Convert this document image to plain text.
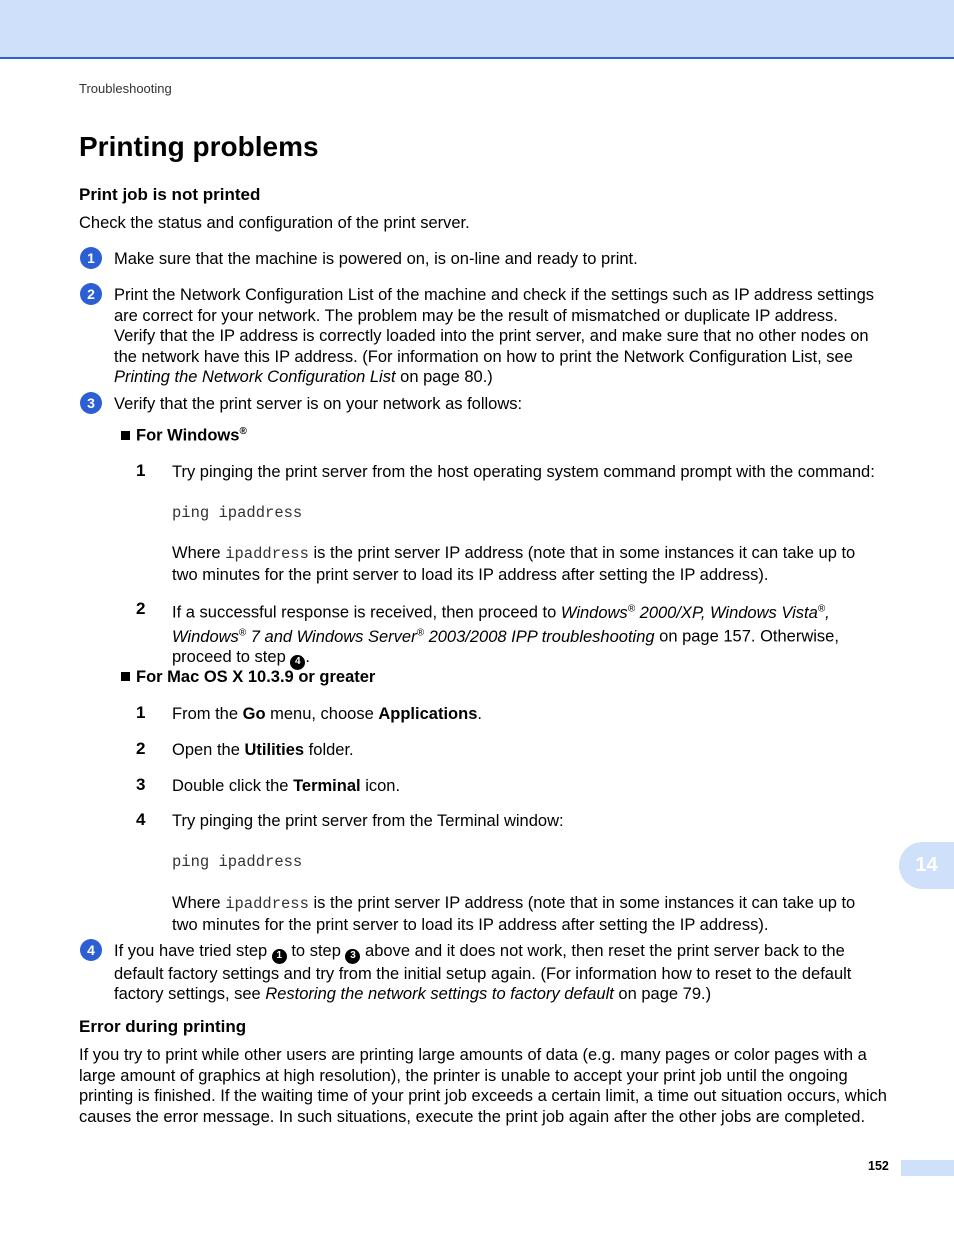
Troubleshooting
Printing problems
Print job is not printed
Check the status and configuration of the print server.
1	Make sure that the machine is powered on, is on-line and ready to print.
2	Print the Network Configuration List of the machine and check if the settings such as IP address settings
are correct for your network. The problem may be the result of mismatched or duplicate IP address.
Verify that the IP address is correctly loaded into the print server, and make sure that no other nodes on
the network have this IP address. (For information on how to print the Network Configuration List, see
Printing the Network Configuration List on page 80.)
3	Verify that the print server is on your network as follows:
For Windows®
1 Try pinging the print server from the host operating system command prompt with the command:
ping ipaddress
Where ipaddress is the print server IP address (note that in some instances it can take up to
two minutes for the print server to load its IP address after setting the IP address).
2 If a successful response is received, then proceed to Windows® 2000/XP, Windows Vista®,
Windows® 7 and Windows Server® 2003/2008 IPP troubleshooting on page 157. Otherwise,
proceed to step 4 .
For Mac OS X 10.3.9 or greater
1 From the Go menu, choose Applications.
2 Open the Utilities folder.
3 Double click the Terminal icon.
4 Try pinging the print server from the Terminal window:
ping ipaddress
Where ipaddress is the print server IP address (note that in some instances it can take up to
two minutes for the print server to load its IP address after setting the IP address).
4	If you have tried step 1 to step 3 above and it does not work, then reset the print server back to the
default factory settings and try from the initial setup again. (For information how to reset to the default
factory settings, see Restoring the network settings to factory default on page 79.)
Error during printing
If you try to print while other users are printing large amounts of data (e.g. many pages or color pages with a
large amount of graphics at high resolution), the printer is unable to accept your print job until the ongoing
printing is finished. If the waiting time of your print job exceeds a certain limit, a time out situation occurs, which
causes the error message. In such situations, execute the print job again after the other jobs are completed.
14
152
